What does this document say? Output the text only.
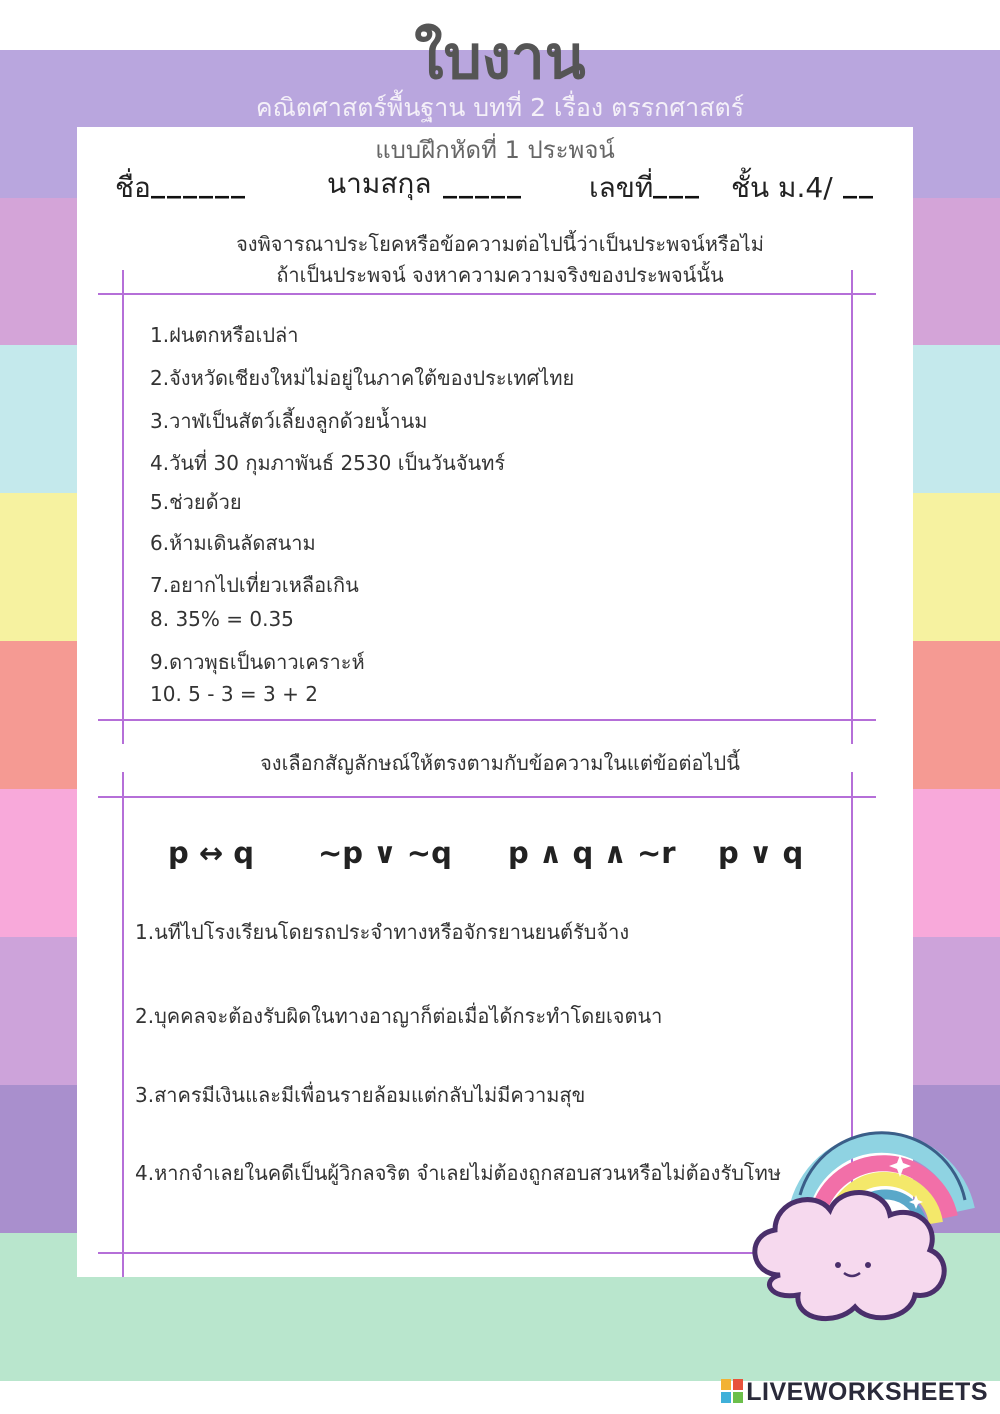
ใบงาน
คณิตศาสตร์พื้นฐาน บทที่ 2 เรื่อง ตรรกศาสตร์
แบบฝึกหัดที่ 1 ประพจน์
ชื่อ ______	นามสกุล _____ เลขที่ ___ ชั้น ม.4/ __
จงพิจารณาประโยคหรือข้อความต่อไปนี้ว่าเป็นประพจน์หรือไม่
ถ้าเป็นประพจน์ จงหาความความจริงของประพจน์นั้น
1.ฝนตกหรือเปล่า
2.จังหวัดเชียงใหม่ไม่อยู่ในภาคใต้ของประเทศไทย
3.วาฬเป็นสัตว์เลี้ยงลูกด้วยน้ำนม
4.วันที่ 30 กุมภาพันธ์ 2530 เป็นวันจันทร์
5.ช่วยด้วย
6.ห้ามเดินลัดสนาม
7.อยากไปเที่ยวเหลือเกิน
8. 35% = 0.35
9.ดาวพุธเป็นดาวเคราะห์
10. 5 - 3 = 3 + 2
จงเลือกสัญลักษณ์ให้ตรงตามกับข้อความในแต่ข้อต่อไปนี้
p ↔ q ~p ∨ ~q p ∧ q ∧ ~r p ∨ q
1.นทีไปโรงเรียนโดยรถประจำทางหรือจักรยานยนต์รับจ้าง
2.บุคคลจะต้องรับผิดในทางอาญาก็ต่อเมื่อได้กระทำโดยเจตนา
3.สาครมีเงินและมีเพื่อนรายล้อมแต่กลับไม่มีความสุข
4.หากจำเลยในคดีเป็นผู้วิกลจริต จำเลยไม่ต้องถูกสอบสวนหรือไม่ต้องรับโทษ
LIVEWORKSHEETS
